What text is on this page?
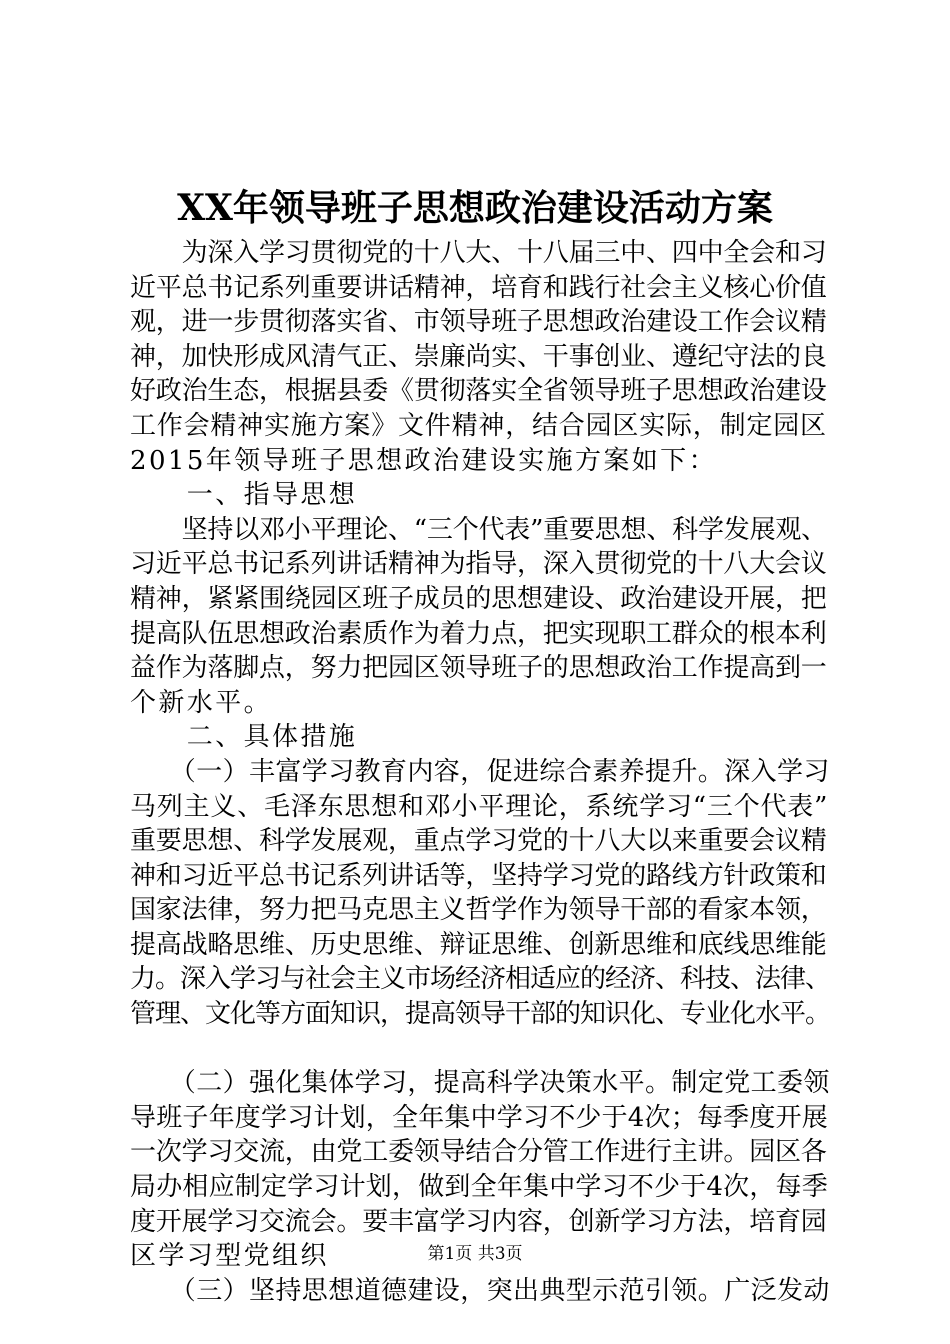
XX年领导班子思想政治建设活动方案
　　为深入学习贯彻党的十八大、十八届三中、四中全会和习
近平总书记系列重要讲话精神，培育和践行社会主义核心价值
观，进一步贯彻落实省、市领导班子思想政治建设工作会议精
神，加快形成风清气正、崇廉尚实、干事创业、遵纪守法的良
好政治生态，根据县委《贯彻落实全省领导班子思想政治建设
工作会精神实施方案》文件精神，结合园区实际，制定园区
2015年领导班子思想政治建设实施方案如下：
　　一、指导思想
　　坚持以邓小平理论、“三个代表”重要思想、科学发展观、
习近平总书记系列讲话精神为指导，深入贯彻党的十八大会议
精神，紧紧围绕园区班子成员的思想建设、政治建设开展，把
提高队伍思想政治素质作为着力点，把实现职工群众的根本利
益作为落脚点，努力把园区领导班子的思想政治工作提高到一
个新水平。
　　二、具体措施
　　（一）丰富学习教育内容，促进综合素养提升。深入学习
马列主义、毛泽东思想和邓小平理论，系统学习“三个代表”
重要思想、科学发展观，重点学习党的十八大以来重要会议精
神和习近平总书记系列讲话等，坚持学习党的路线方针政策和
国家法律，努力把马克思主义哲学作为领导干部的看家本领，
提高战略思维、历史思维、辩证思维、创新思维和底线思维能
力。深入学习与社会主义市场经济相适应的经济、科技、法律、
管理、文化等方面知识，提高领导干部的知识化、专业化水平。
　　（二）强化集体学习，提高科学决策水平。制定党工委领
导班子年度学习计划，全年集中学习不少于4次；每季度开展
一次学习交流，由党工委领导结合分管工作进行主讲。园区各
局办相应制定学习计划，做到全年集中学习不少于4次，每季
度开展学习交流会。要丰富学习内容，创新学习方法，培育园
区学习型党组织
　　（三）坚持思想道德建设，突出典型示范引领。广泛发动
第1页 共3页
